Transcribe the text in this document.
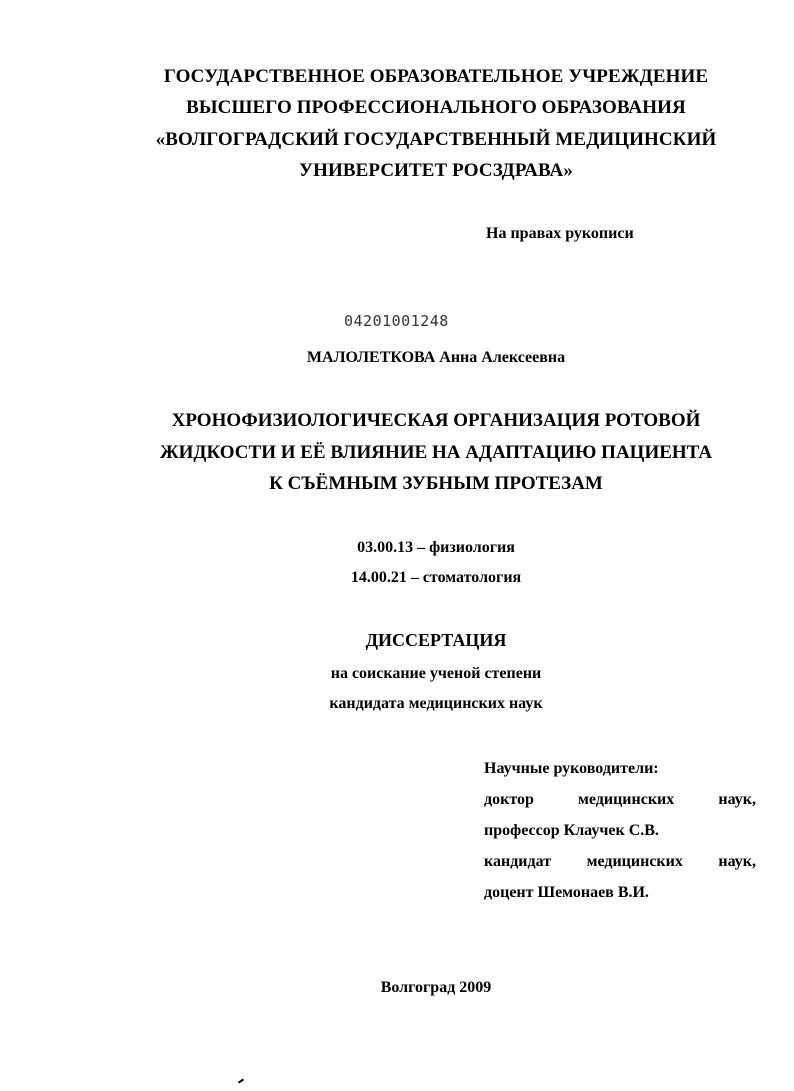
ГОСУДАРСТВЕННОЕ ОБРАЗОВАТЕЛЬНОЕ УЧРЕЖДЕНИЕ
ВЫСШЕГО ПРОФЕССИОНАЛЬНОГО ОБРАЗОВАНИЯ
«ВОЛГОГРАДСКИЙ ГОСУДАРСТВЕННЫЙ МЕДИЦИНСКИЙ
УНИВЕРСИТЕТ РОСЗДРАВА»
На правах рукописи
04201001248
МАЛОЛЕТКОВА Анна Алексеевна
ХРОНОФИЗИОЛОГИЧЕСКАЯ ОРГАНИЗАЦИЯ РОТОВОЙ
ЖИДКОСТИ И ЕЁ ВЛИЯНИЕ НА АДАПТАЦИЮ ПАЦИЕНТА
К СЪЁМНЫМ ЗУБНЫМ ПРОТЕЗАМ
03.00.13 – физиология
14.00.21 – стоматология
ДИССЕРТАЦИЯ
на соискание ученой степени
кандидата медицинских наук
Научные руководители:
доктор	медицинских	наук,
профессор Клаучек С.В.
кандидат медицинских наук,
доцент Шемонаев В.И.
Волгоград 2009
